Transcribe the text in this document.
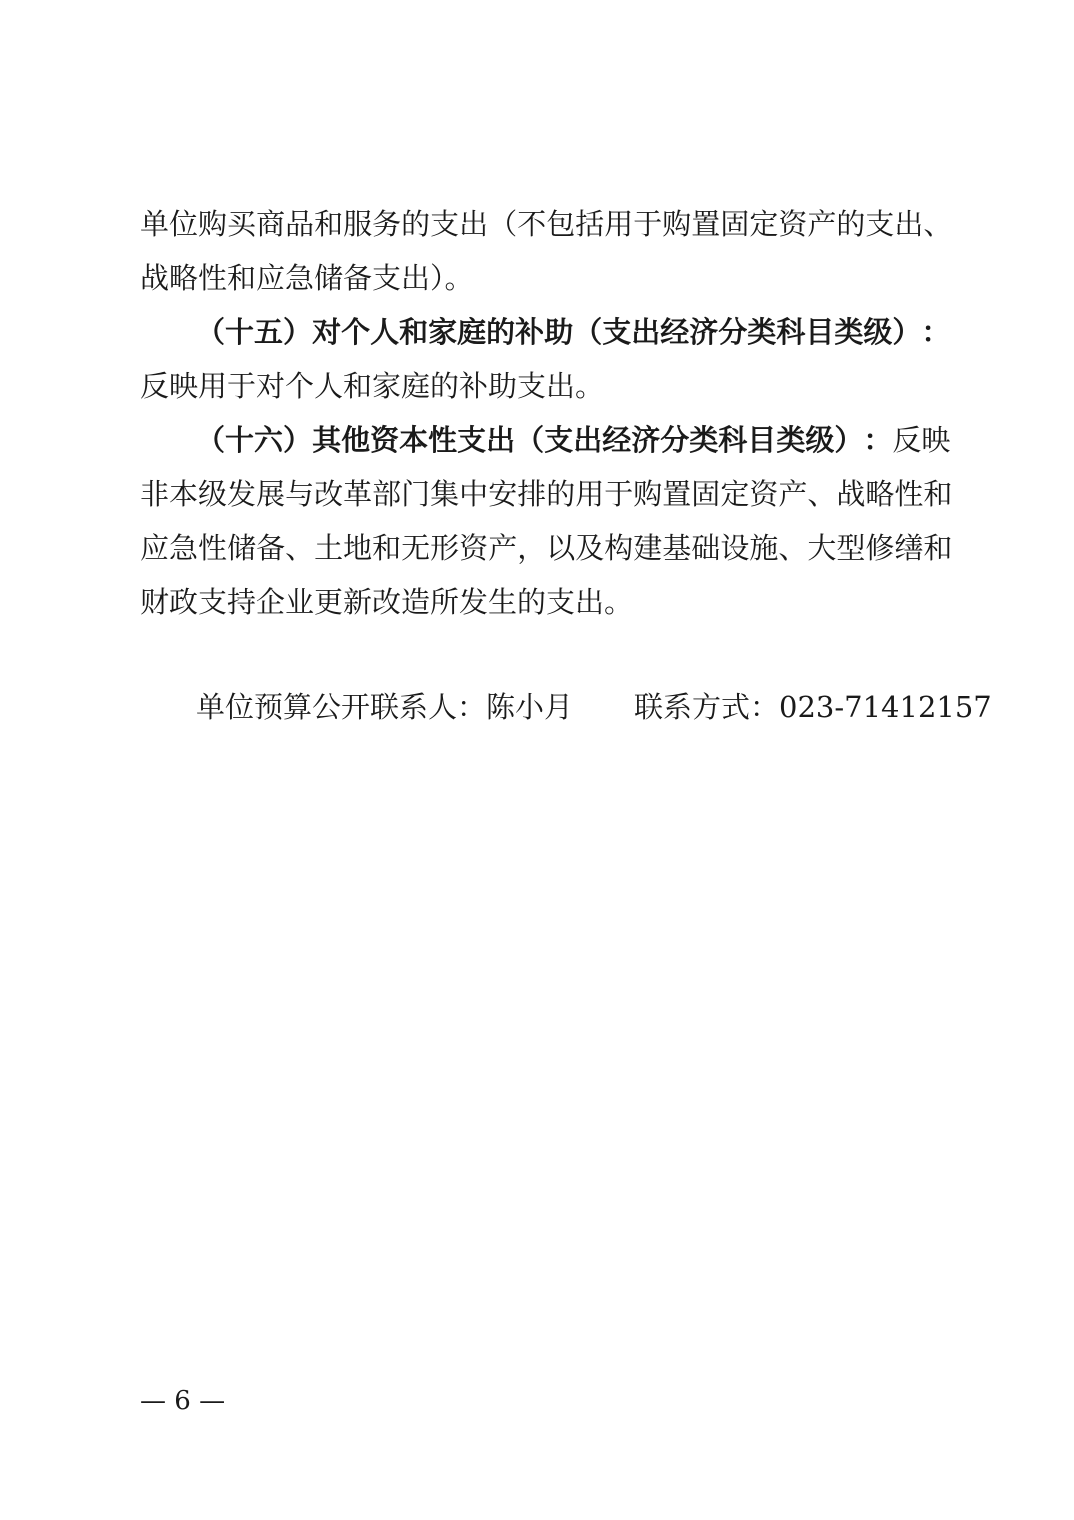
单 位 购 买 商 品 和 服 务 的 支 出 （ 不 包 括 用 于 购 置 固 定 资 产 的 支 出 、
战略性和应急储备支出）。
（ 十 五 ） 对 个 人 和 家 庭 的 补 助 （ 支 出 经 济 分 类 科 目 类 级 ） ：
反映用于对个人和家庭的补助支出。
（ 十 六 ） 其 他 资 本 性 支 出 （ 支 出 经 济 分 类 科 目 类 级 ） ： 反 映
非 本 级 发 展 与 改 革 部 门 集 中 安 排 的 用 于 购 置 固 定 资 产 、 战 略 性 和
应 急 性 储 备 、 土 地 和 无 形 资 产 ， 以 及 构 建 基 础 设 施 、 大 型 修 缮 和
财政支持企业更新改造所发生的支出。
单位预算公开联系人：陈小月 联系方式：023-71412157
— 6 —
